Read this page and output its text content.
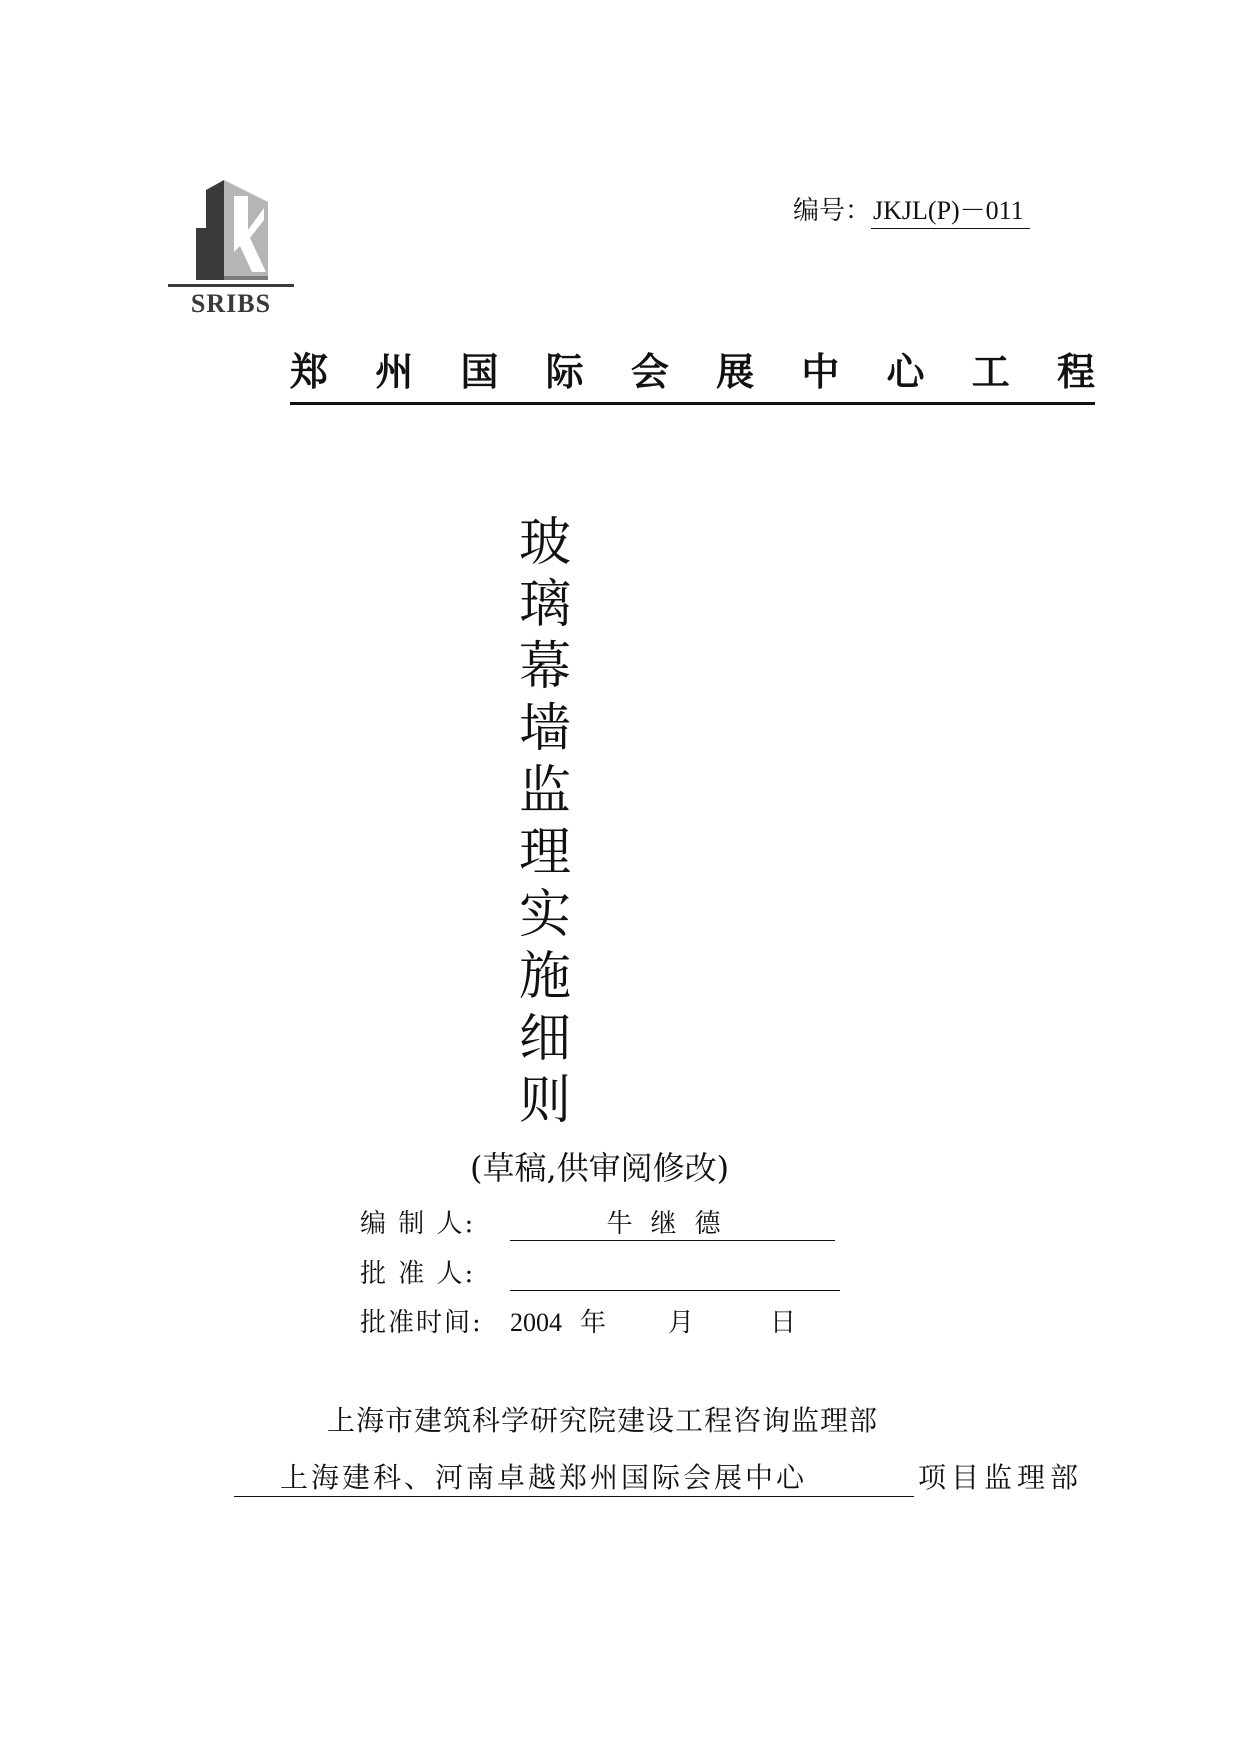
SRIBS
编号：JKJL(P)－011
郑 州 国 际 会 展 中 心 工 程
玻
璃
幕
墙
监
理
实
施
细
则
(草稿,供审阅修改)
编 制 人:	牛继德
批 准 人:
批准时间: 2004 年 月	日
上海市建筑科学研究院建设工程咨询监理部
上海建科、河南卓越郑州国际会展中心	项目监理部
